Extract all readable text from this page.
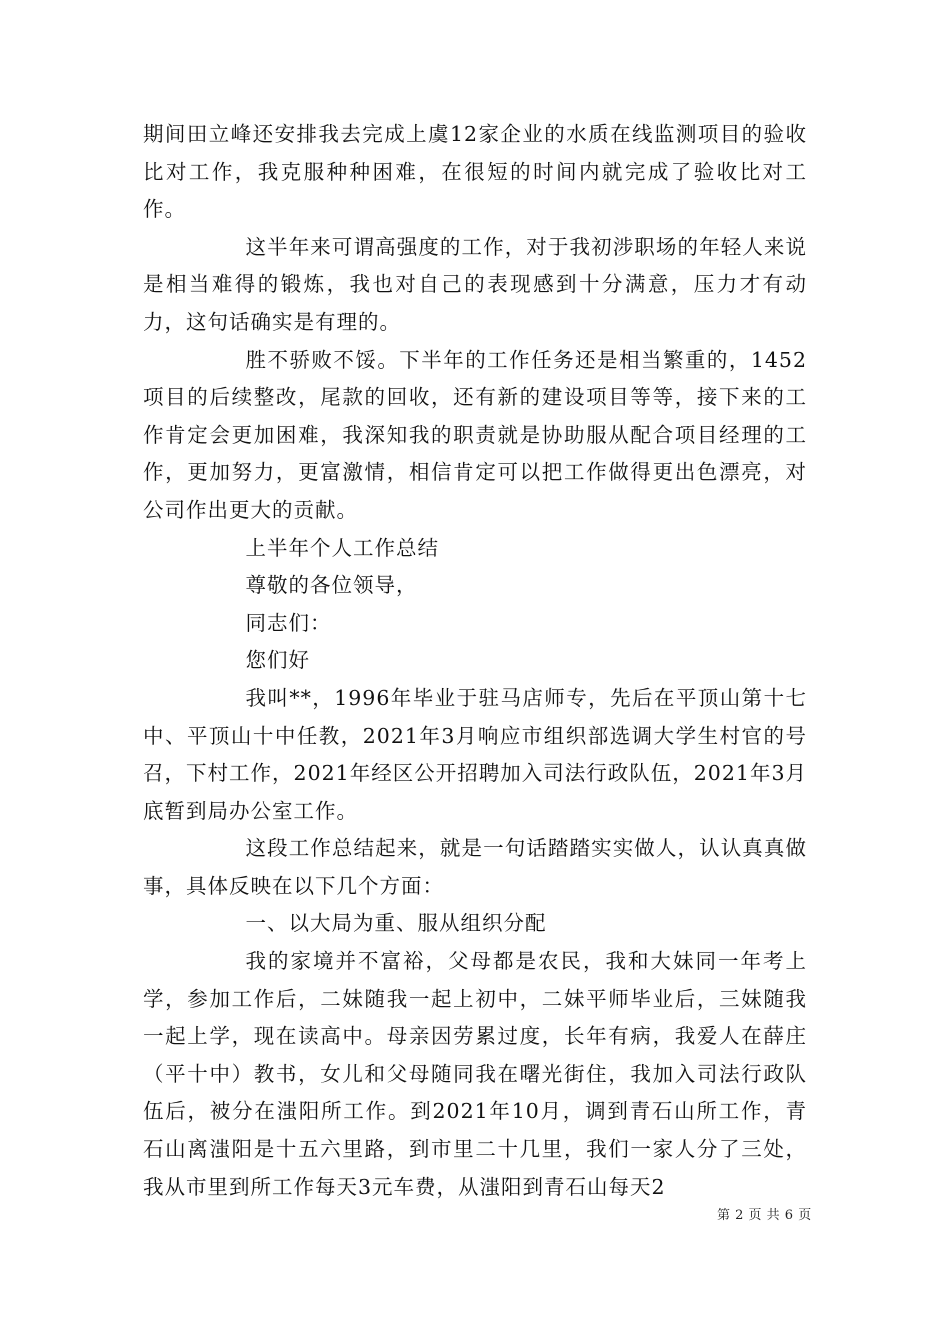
期间田立峰还安排我去完成上虞12家企业的水质在线监测项目的验收比对工作，我克服种种困难，在很短的时间内就完成了验收比对工作。

这半年来可谓高强度的工作，对于我初涉职场的年轻人来说是相当难得的锻炼，我也对自己的表现感到十分满意，压力才有动力，这句话确实是有理的。

胜不骄败不馁。下半年的工作任务还是相当繁重的，1452项目的后续整改，尾款的回收，还有新的建设项目等等，接下来的工作肯定会更加困难，我深知我的职责就是协助服从配合项目经理的工作，更加努力，更富激情，相信肯定可以把工作做得更出色漂亮，对公司作出更大的贡献。

上半年个人工作总结

尊敬的各位领导，

同志们：

您们好

我叫**，1996年毕业于驻马店师专，先后在平顶山第十七中、平顶山十中任教，2021年3月响应市组织部选调大学生村官的号召，下村工作，2021年经区公开招聘加入司法行政队伍，2021年3月底暂到局办公室工作。

这段工作总结起来，就是一句话踏踏实实做人，认认真真做事，具体反映在以下几个方面：

一、以大局为重、服从组织分配

我的家境并不富裕，父母都是农民，我和大妹同一年考上学，参加工作后，二妹随我一起上初中，二妹平师毕业后，三妹随我一起上学，现在读高中。母亲因劳累过度，长年有病，我爱人在薛庄（平十中）教书，女儿和父母随同我在曙光街住，我加入司法行政队伍后，被分在滍阳所工作。到2021年10月，调到青石山所工作，青石山离滍阳是十五六里路，到市里二十几里，我们一家人分了三处，我从市里到所工作每天3元车费，从滍阳到青石山每天2

第 2 页 共 6 页
